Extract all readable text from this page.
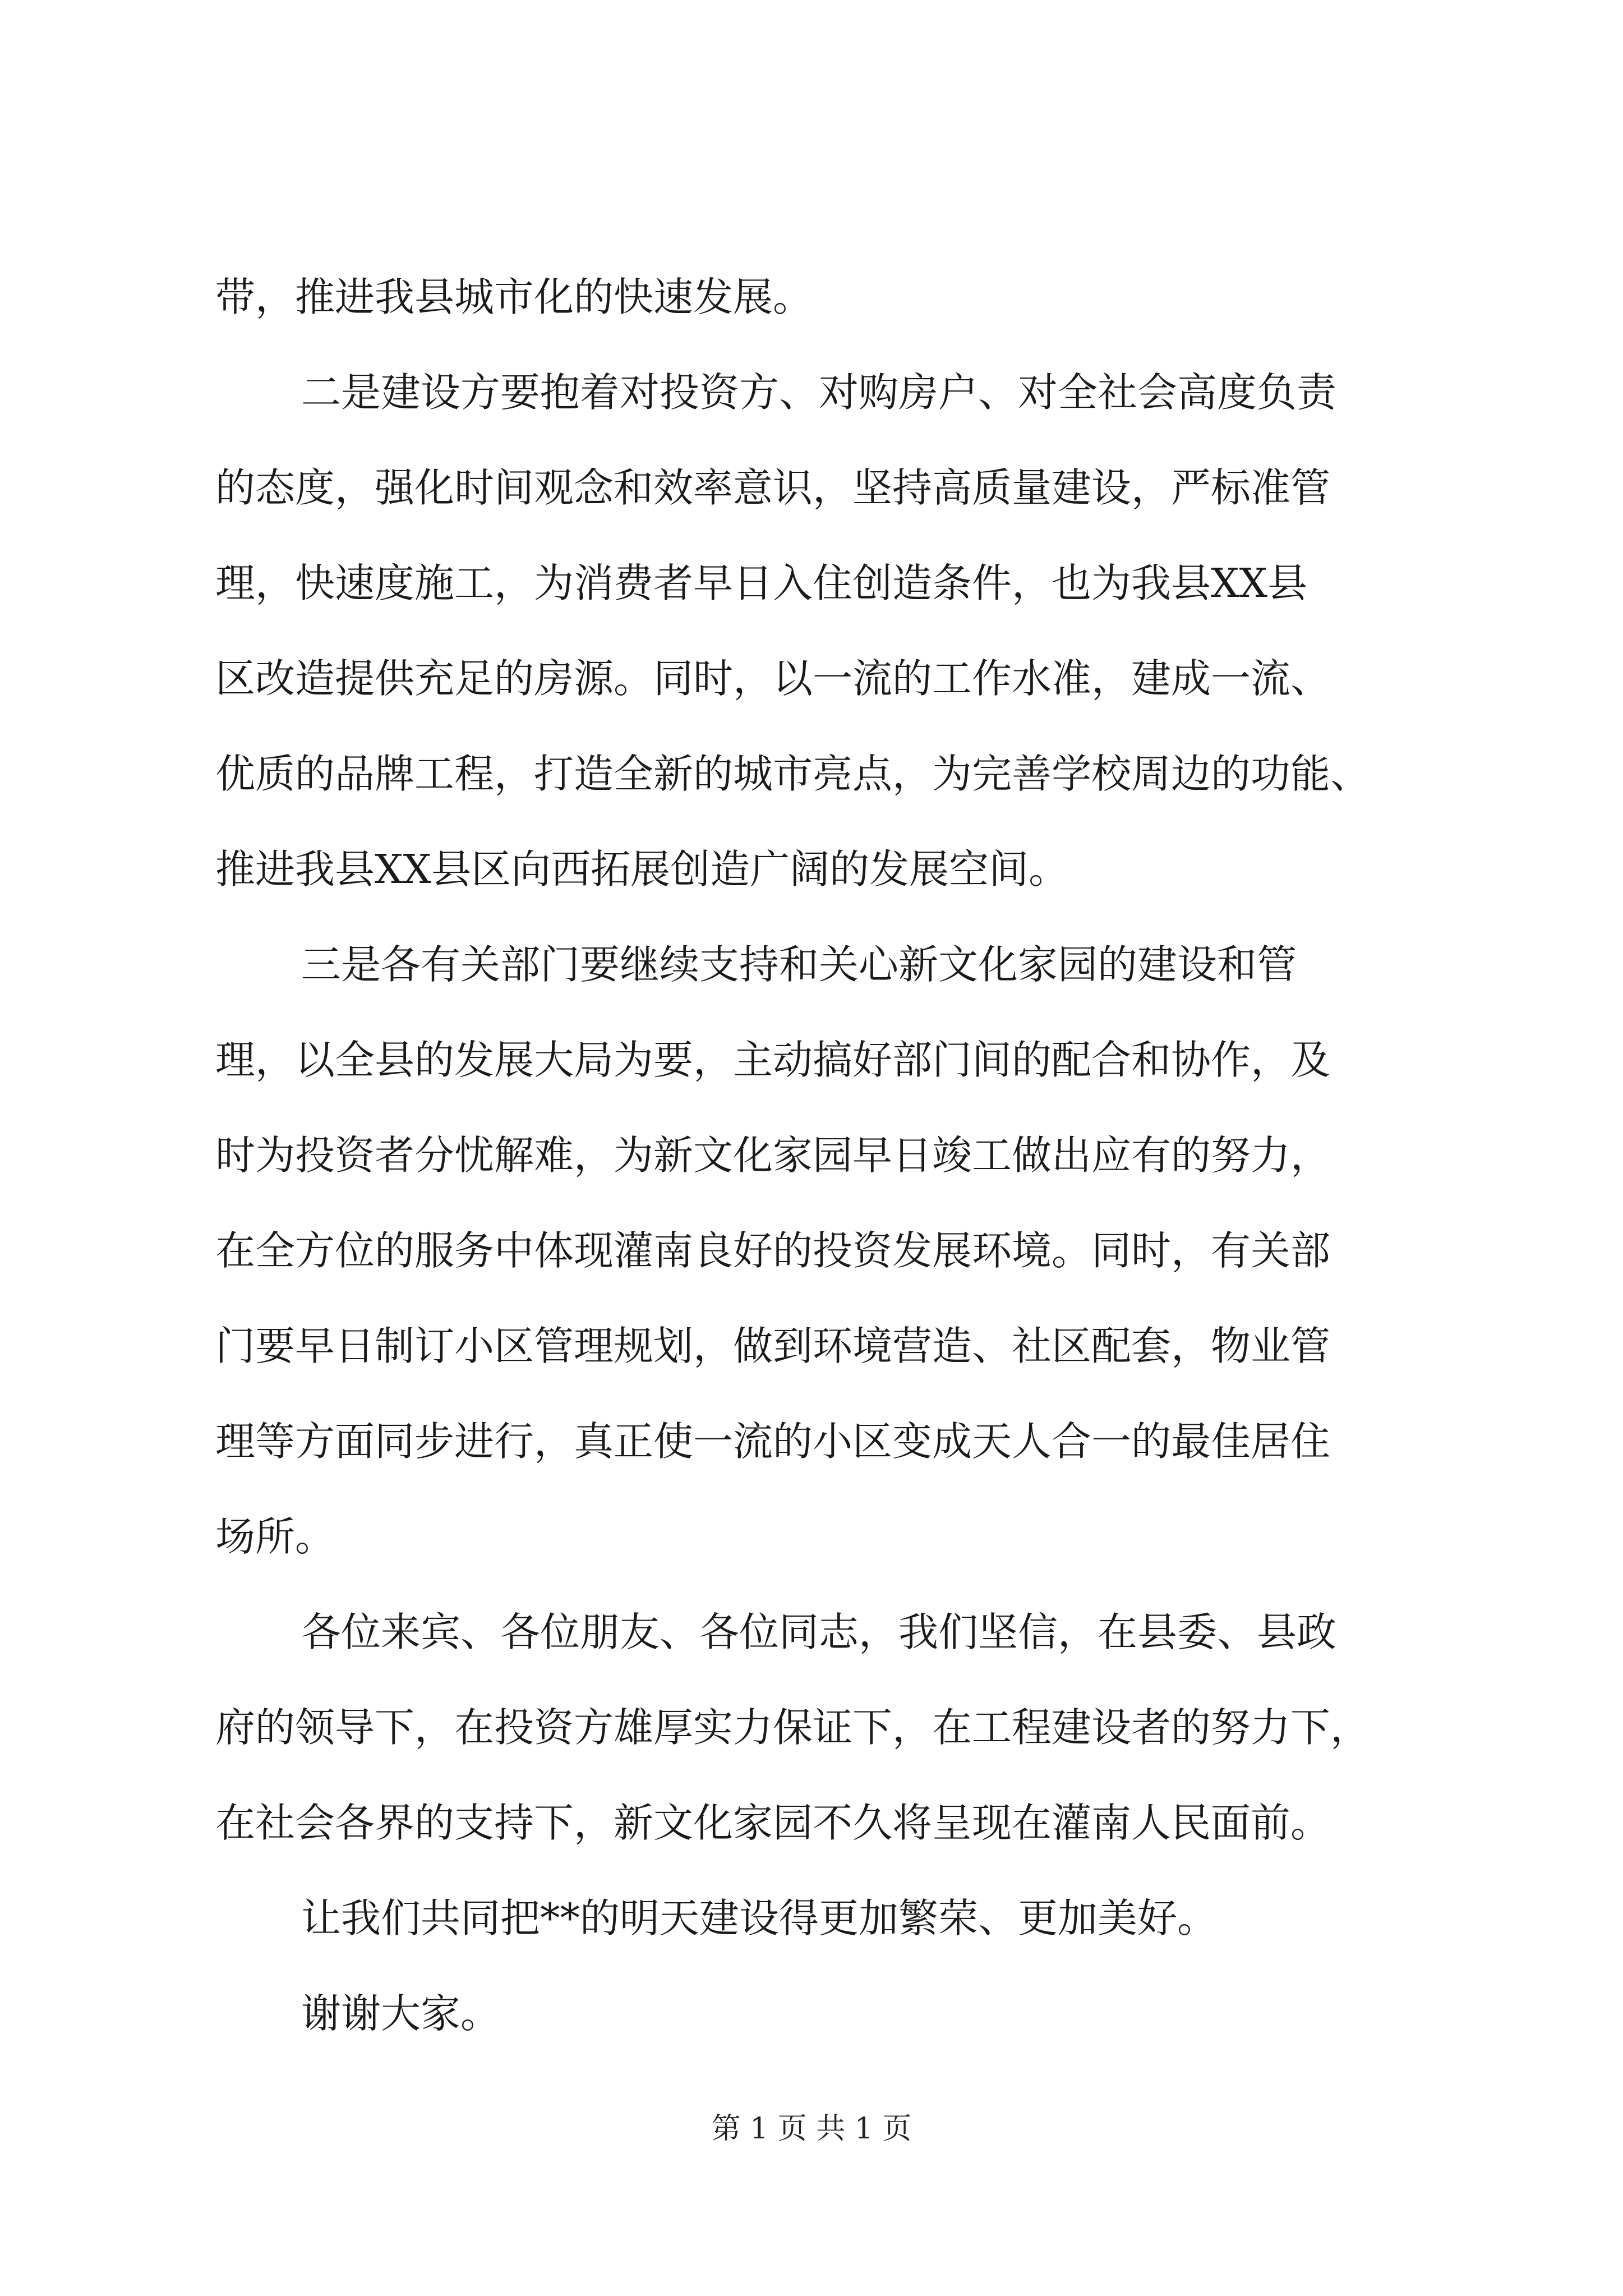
带，推进我县城市化的快速发展。
二是建设方要抱着对投资方、对购房户、对全社会高度负责
的态度，强化时间观念和效率意识，坚持高质量建设，严标准管
理，快速度施工，为消费者早日入住创造条件，也为我县XX县
区改造提供充足的房源。同时，以一流的工作水准，建成一流、
优质的品牌工程，打造全新的城市亮点，为完善学校周边的功能、
推进我县XX县区向西拓展创造广阔的发展空间。
三是各有关部门要继续支持和关心新文化家园的建设和管
理，以全县的发展大局为要，主动搞好部门间的配合和协作，及
时为投资者分忧解难，为新文化家园早日竣工做出应有的努力，
在全方位的服务中体现灌南良好的投资发展环境。同时，有关部
门要早日制订小区管理规划，做到环境营造、社区配套，物业管
理等方面同步进行，真正使一流的小区变成天人合一的最佳居住
场所。
各位来宾、各位朋友、各位同志，我们坚信，在县委、县政
府的领导下，在投资方雄厚实力保证下，在工程建设者的努力下，
在社会各界的支持下，新文化家园不久将呈现在灌南人民面前。
让我们共同把**的明天建设得更加繁荣、更加美好。
谢谢大家。
第 1 页 共 1 页
